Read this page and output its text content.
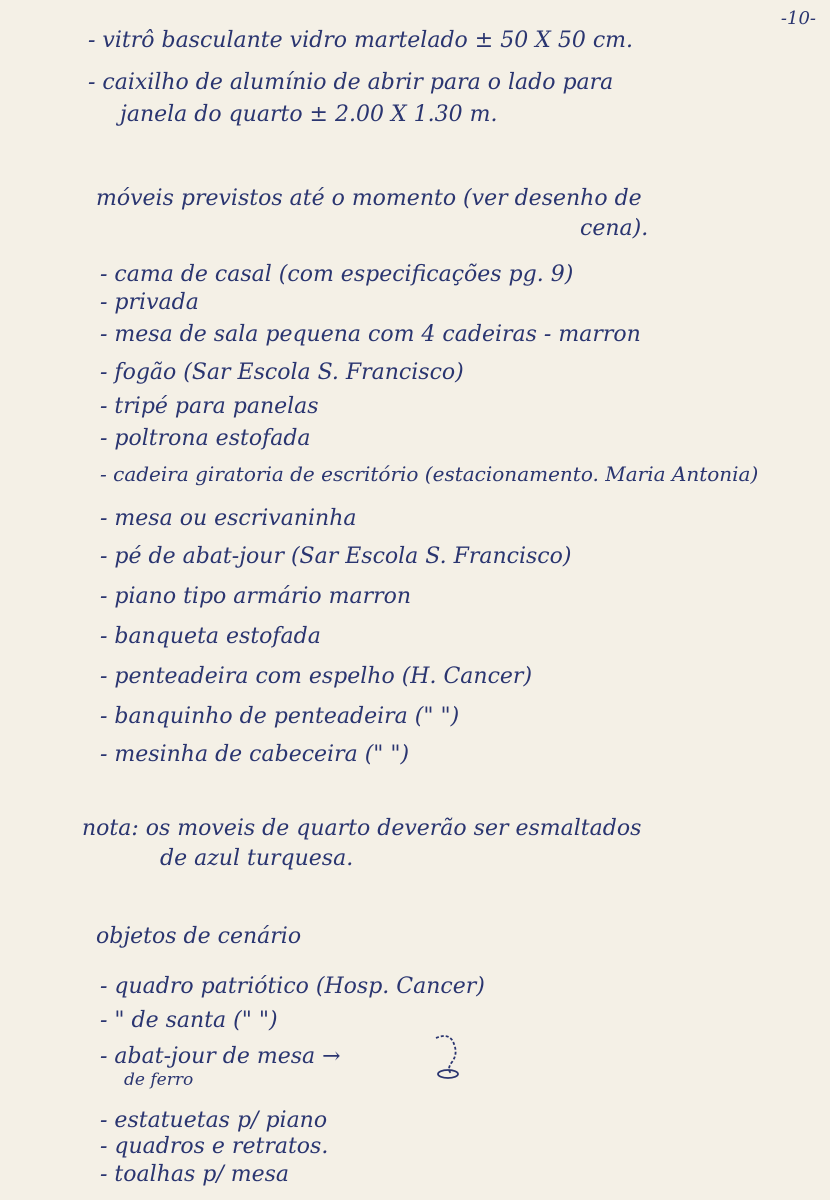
-10-
- vitrô basculante vidro martelado ± 50 X 50 cm.
- caixilho de alumínio de abrir para o lado para
janela do quarto ± 2.00 X 1.30 m.
móveis previstos até o momento (ver desenho de
cena).
- cama de casal (com especificações pg. 9)
- privada
- mesa de sala pequena com 4 cadeiras - marron
- fogão (Sar Escola S. Francisco)
- tripé para panelas
- poltrona estofada
- cadeira giratoria de escritório (estacionamento. Maria Antonia)
- mesa ou escrivaninha
- pé de abat-jour (Sar Escola S. Francisco)
- piano tipo armário marron
- banqueta estofada
- penteadeira com espelho (H. Cancer)
- banquinho de penteadeira (" ")
- mesinha de cabeceira (" ")
nota: os moveis de quarto deverão ser esmaltados
de azul turquesa.
objetos de cenário
- quadro patriótico (Hosp. Cancer)
- " de santa (" ")
- abat-jour de mesa →
de ferro
- estatuetas p/ piano
- quadros e retratos.
- toalhas p/ mesa
